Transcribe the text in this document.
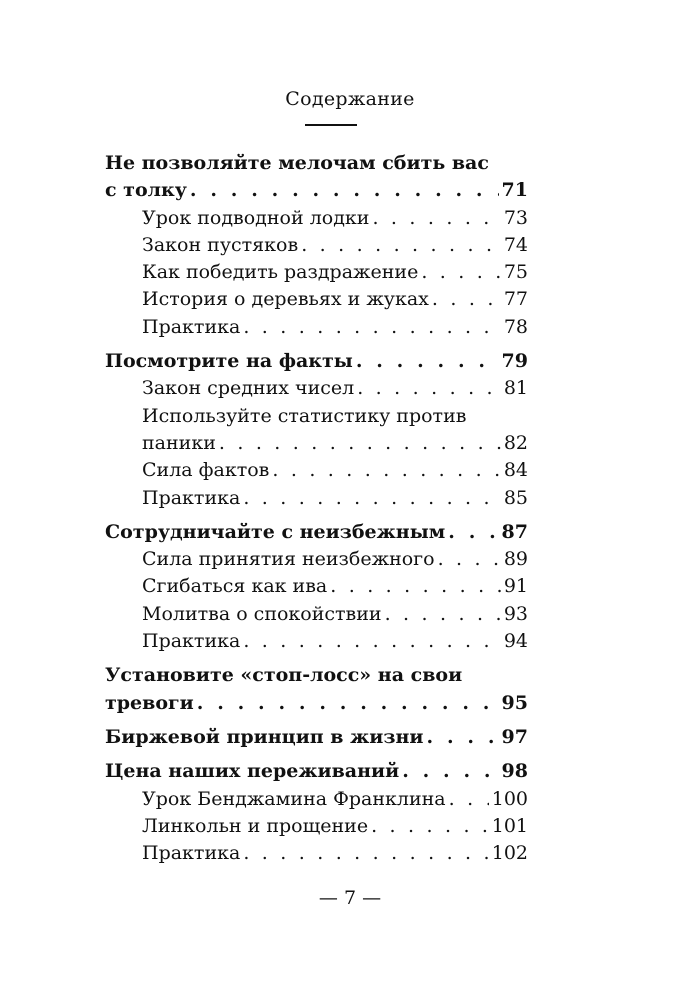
Содержание
Не позволяйте мелочам сбить вас
с толку . . .	71
Урок подводной лодки . . .	73
Закон пустяков . . .	74
Как победить раздражение . . .	75
История о деревьях и жуках . . .	77
Практика . . .	78
Посмотрите на факты . . .	79
Закон средних чисел . . .	81
Используйте статистику против
паники . . .	82
Сила фактов . . .	84
Практика . . .	85
Сотрудничайте с неизбежным . . .	87
Сила принятия неизбежного . . .	89
Сгибаться как ива . . .	91
Молитва о спокойствии . . .	93
Практика . . .	94
Установите «стоп-лосс» на свои
тревоги . . .	95
Биржевой принцип в жизни . . .	97
Цена наших переживаний . . .	98
Урок Бенджамина Франклина . . . 100
Линкольн и прощение . . .	101
Практика . . .	102
— 7 —
